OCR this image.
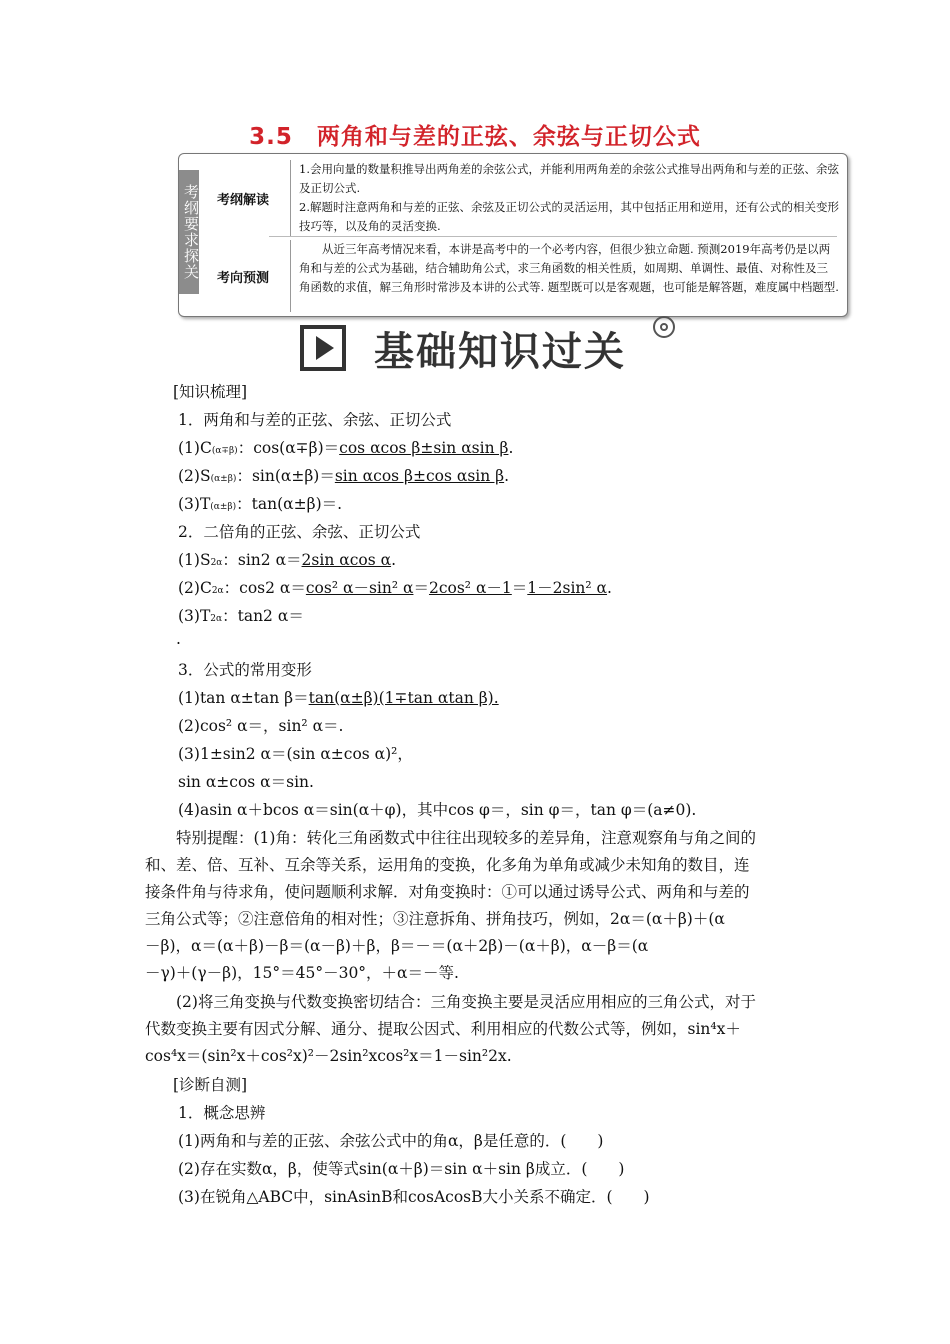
3.5　两角和与差的正弦、余弦与正切公式
考纲要求探关	考纲解读
1.会用向量的数量积推导出两角差的余弦公式，并能利用两角差的余弦公式推导出两角和与差的正弦、余弦及正切公式.
2.解题时注意两角和与差的正弦、余弦及正切公式的灵活运用，其中包括正用和逆用，还有公式的相关变形技巧等，以及角的灵活变换.
考向预测
从近三年高考情况来看，本讲是高考中的一个必考内容，但很少独立命题. 预测2019年高考仍是以两角和与差的公式为基础，结合辅助角公式，求三角函数的相关性质，如周期、单调性、最值、对称性及三角函数的求值，解三角形时常涉及本讲的公式等. 题型既可以是客观题，也可能是解答题，难度属中档题型.
基础知识过关
[知识梳理]
1．两角和与差的正弦、余弦、正切公式
(1)C(α∓β)：cos(α∓β)＝cos αcos β±sin αsin β.
(2)S(α±β)：sin(α±β)＝sin αcos β±cos αsin β.
(3)T(α±β)：tan(α±β)＝.
2．二倍角的正弦、余弦、正切公式
(1)S2α：sin2 α＝2sin αcos α.
(2)C2α：cos2 α＝cos² α－sin² α＝2cos² α－1＝1－2sin² α.
(3)T2α：tan2 α＝
.
3．公式的常用变形
(1)tan α±tan β＝tan(α±β)(1∓tan αtan β).
(2)cos² α＝，sin² α＝.
(3)1±sin2 α＝(sin α±cos α)²，
sin α±cos α＝sin.
(4)asin α＋bcos α＝sin(α＋φ)，其中cos φ＝，sin φ＝，tan φ＝(a≠0).
特别提醒：(1)角：转化三角函数式中往往出现较多的差异角，注意观察角与角之间的
和、差、倍、互补、互余等关系，运用角的变换，化多角为单角或减少未知角的数目，连
接条件角与待求角，使问题顺利求解．对角变换时：①可以通过诱导公式、两角和与差的
三角公式等；②注意倍角的相对性；③注意拆角、拼角技巧，例如，2α＝(α＋β)＋(α
－β)，α＝(α＋β)－β＝(α－β)＋β，β＝－＝(α＋2β)－(α＋β)，α－β＝(α
－γ)＋(γ－β)，15°＝45°－30°，＋α＝－等.
(2)将三角变换与代数变换密切结合：三角变换主要是灵活应用相应的三角公式，对于
代数变换主要有因式分解、通分、提取公因式、利用相应的代数公式等，例如，sin⁴x＋
cos⁴x＝(sin²x＋cos²x)²－2sin²xcos²x＝1－sin²2x.
[诊断自测]
1．概念思辨
(1)两角和与差的正弦、余弦公式中的角α，β是任意的．(　　)
(2)存在实数α，β，使等式sin(α＋β)＝sin α＋sin β成立．(　　)
(3)在锐角△ABC中，sinAsinB和cosAcosB大小关系不确定．(　　)
